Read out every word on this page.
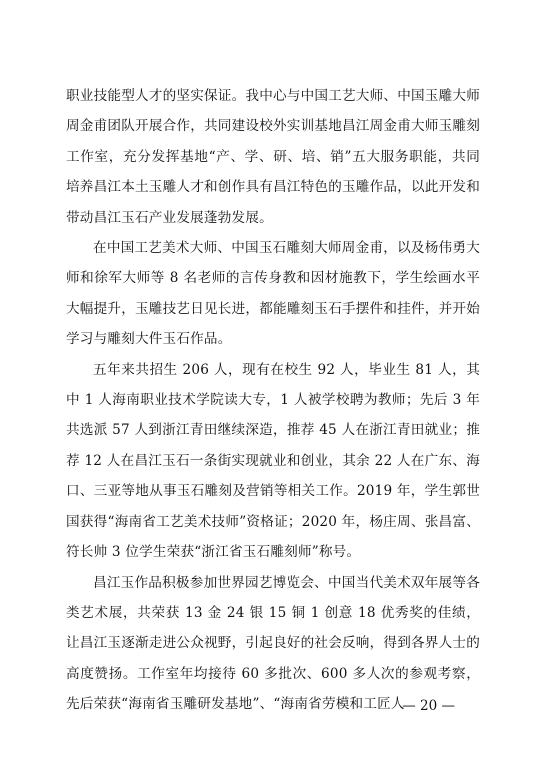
职业技能型人才的坚实保证。我中心与中国工艺大师、中国玉雕大师周金甫团队开展合作，共同建设校外实训基地昌江周金甫大师玉雕刻工作室，充分发挥基地“产、学、研、培、销”五大服务职能，共同培养昌江本土玉雕人才和创作具有昌江特色的玉雕作品，以此开发和带动昌江玉石产业发展蓬勃发展。

在中国工艺美术大师、中国玉石雕刻大师周金甫，以及杨伟勇大师和徐军大师等 8 名老师的言传身教和因材施教下，学生绘画水平大幅提升，玉雕技艺日见长进，都能雕刻玉石手摆件和挂件，并开始学习与雕刻大件玉石作品。

五年来共招生 206 人，现有在校生 92 人，毕业生 81 人，其中 1 人海南职业技术学院读大专，1 人被学校聘为教师；先后 3 年共选派 57 人到浙江青田继续深造，推荐 45 人在浙江青田就业；推荐 12 人在昌江玉石一条街实现就业和创业，其余 22 人在广东、海口、三亚等地从事玉石雕刻及营销等相关工作。2019 年，学生郭世国获得“海南省工艺美术技师”资格证；2020 年，杨庄周、张昌富、符长帅 3 位学生荣获“浙江省玉石雕刻师”称号。

昌江玉作品积极参加世界园艺博览会、中国当代美术双年展等各类艺术展，共荣获 13 金 24 银 15 铜 1 创意 18 优秀奖的佳绩，让昌江玉逐渐走进公众视野，引起良好的社会反响，得到各界人士的高度赞扬。工作室年均接待 60 多批次、600 多人次的参观考察，先后荣获“海南省玉雕研发基地”、“海南省劳模和工匠人

— 20 —
